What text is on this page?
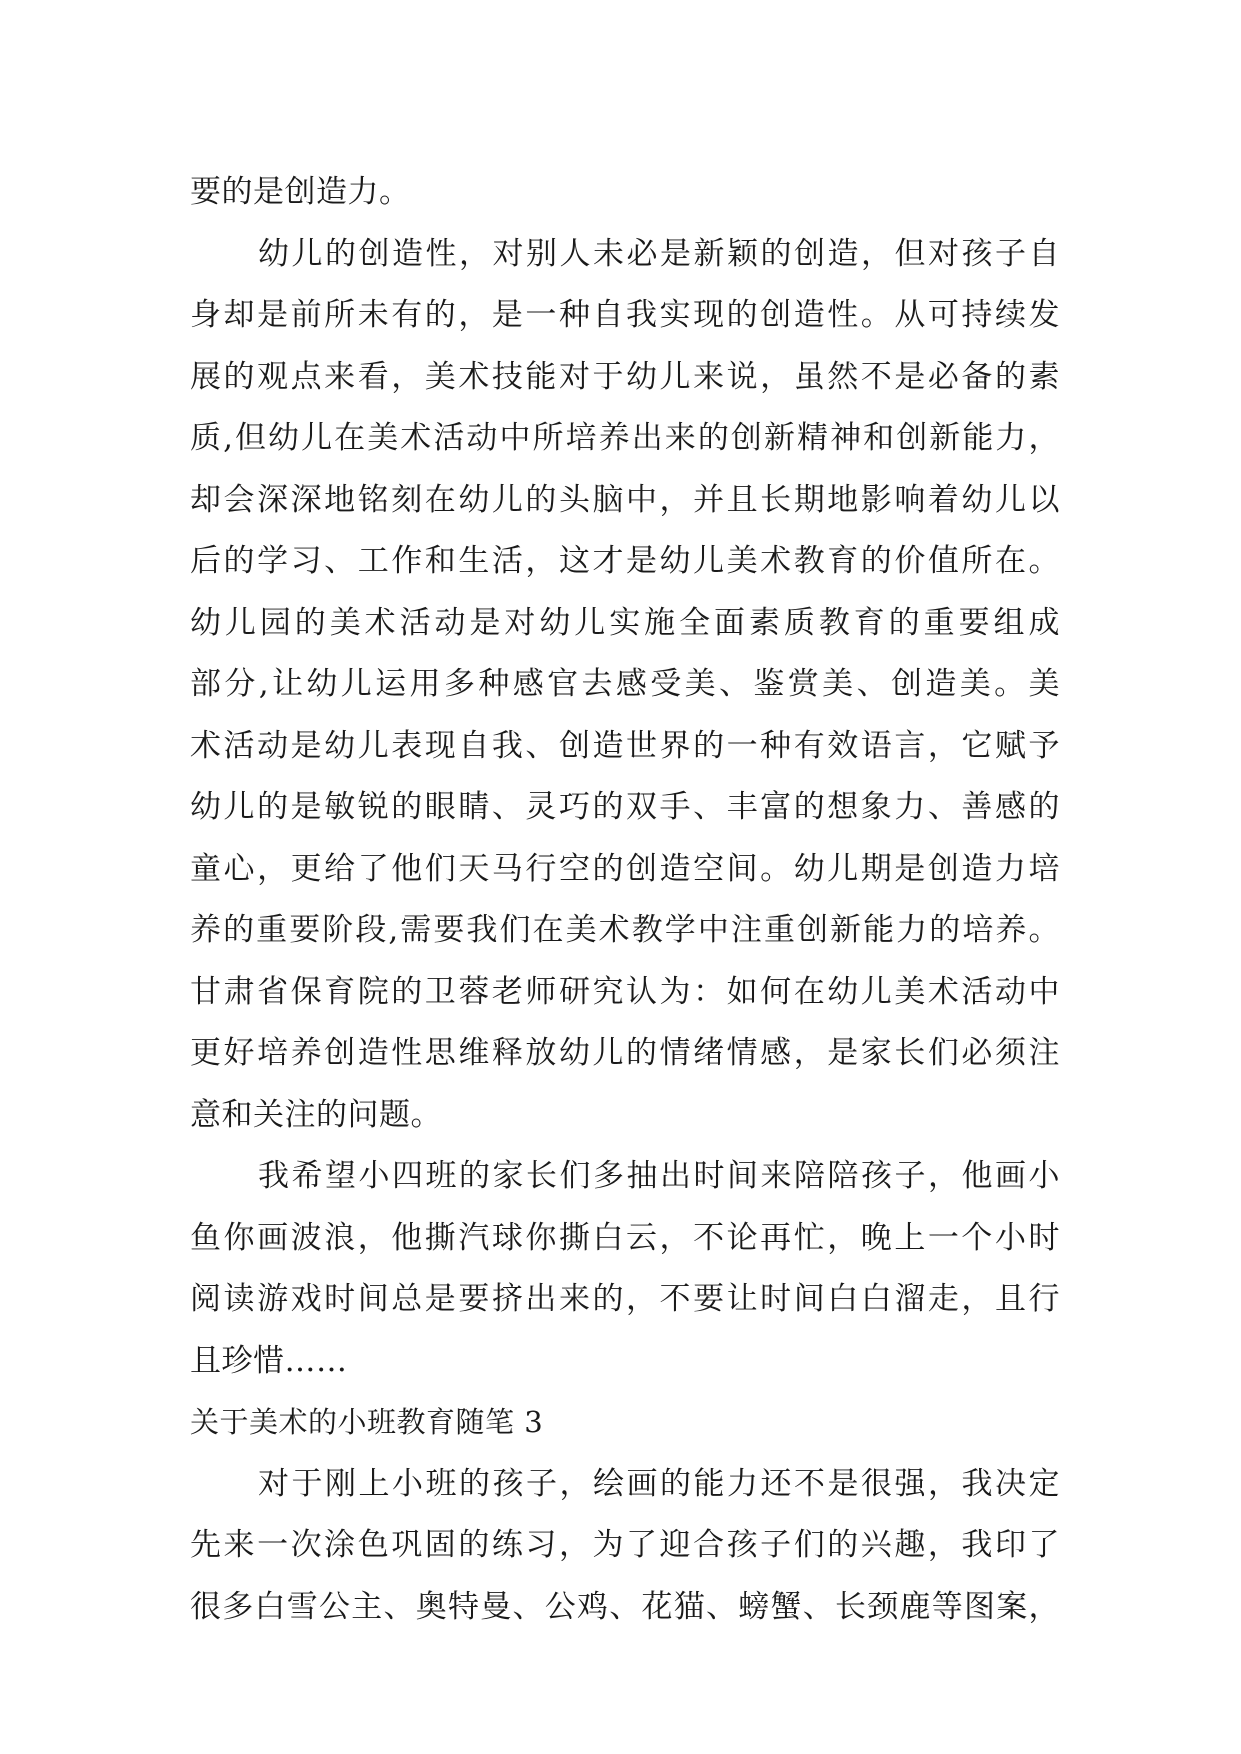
要的是创造力。
幼儿的创造性，对别人未必是新颖的创造，但对孩子自
身却是前所未有的，是一种自我实现的创造性。从可持续发
展的观点来看，美术技能对于幼儿来说，虽然不是必备的素
质,但幼儿在美术活动中所培养出来的创新精神和创新能力，
却会深深地铭刻在幼儿的头脑中，并且长期地影响着幼儿以
后的学习、工作和生活，这才是幼儿美术教育的价值所在。
幼儿园的美术活动是对幼儿实施全面素质教育的重要组成
部分,让幼儿运用多种感官去感受美、鉴赏美、创造美。美
术活动是幼儿表现自我、创造世界的一种有效语言，它赋予
幼儿的是敏锐的眼睛、灵巧的双手、丰富的想象力、善感的
童心，更给了他们天马行空的创造空间。幼儿期是创造力培
养的重要阶段,需要我们在美术教学中注重创新能力的培养。
甘肃省保育院的卫蓉老师研究认为：如何在幼儿美术活动中
更好培养创造性思维释放幼儿的情绪情感，是家长们必须注
意和关注的问题。
我希望小四班的家长们多抽出时间来陪陪孩子，他画小
鱼你画波浪，他撕汽球你撕白云，不论再忙，晚上一个小时
阅读游戏时间总是要挤出来的，不要让时间白白溜走，且行
且珍惜……
关于美术的小班教育随笔 3
对于刚上小班的孩子，绘画的能力还不是很强，我决定
先来一次涂色巩固的练习，为了迎合孩子们的兴趣，我印了
很多白雪公主、奥特曼、公鸡、花猫、螃蟹、长颈鹿等图案，
